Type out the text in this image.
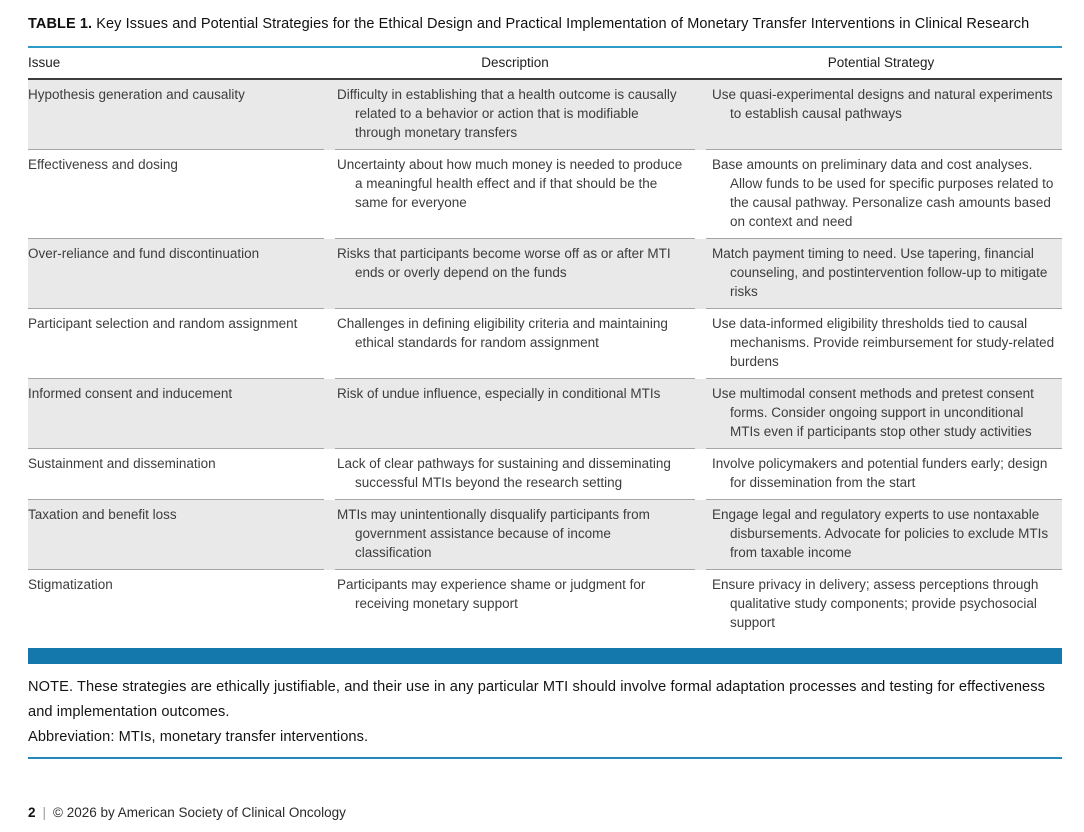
TABLE 1. Key Issues and Potential Strategies for the Ethical Design and Practical Implementation of Monetary Transfer Interventions in Clinical Research
Issue	Description	Potential Strategy
Hypothesis generation and causality	Difficulty in establishing that a health outcome is causally related to a behavior or action that is modifiable through monetary transfers	Use quasi-experimental designs and natural experiments to establish causal pathways
Effectiveness and dosing	Uncertainty about how much money is needed to produce a meaningful health effect and if that should be the same for everyone	Base amounts on preliminary data and cost analyses. Allow funds to be used for specific purposes related to the causal pathway. Personalize cash amounts based on context and need
Over-reliance and fund discontinuation	Risks that participants become worse off as or after MTI ends or overly depend on the funds	Match payment timing to need. Use tapering, financial counseling, and postintervention follow-up to mitigate risks
Participant selection and random assignment	Challenges in defining eligibility criteria and maintaining ethical standards for random assignment	Use data-informed eligibility thresholds tied to causal mechanisms. Provide reimbursement for study-related burdens
Informed consent and inducement	Risk of undue influence, especially in conditional MTIs	Use multimodal consent methods and pretest consent forms. Consider ongoing support in unconditional MTIs even if participants stop other study activities
Sustainment and dissemination	Lack of clear pathways for sustaining and disseminating successful MTIs beyond the research setting	Involve policymakers and potential funders early; design for dissemination from the start
Taxation and benefit loss	MTIs may unintentionally disqualify participants from government assistance because of income classification	Engage legal and regulatory experts to use nontaxable disbursements. Advocate for policies to exclude MTIs from taxable income
Stigmatization	Participants may experience shame or judgment for receiving monetary support	Ensure privacy in delivery; assess perceptions through qualitative study components; provide psychosocial support

NOTE. These strategies are ethically justifiable, and their use in any particular MTI should involve formal adaptation processes and testing for effectiveness and implementation outcomes.

Abbreviation: MTIs, monetary transfer interventions.

2 | © 2026 by American Society of Clinical Oncology
